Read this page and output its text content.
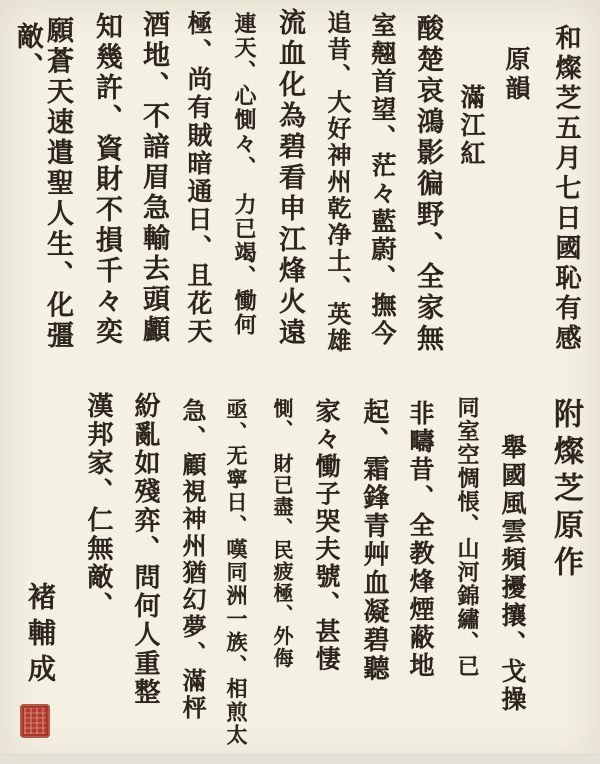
和燦芝五月七日國恥有感
原韻
滿江紅
酸楚哀鴻影徧野、全家無
室翹首望、茫々藍蔚、撫今
追昔、大好神州乾净土、英雄
流血化為碧看申江烽火遠
連天、心惻々、　力已竭、慟何
極、尚有賊暗通日、且花天
酒地、不諳眉急輸去頭顱
知幾許、資財不損千々奕
願蒼天速遣聖人生、化彊
敵、
附燦芝原作
舉國風雲頻擾攘、戈操
同室空惆悵、山河錦繡、已
非疇昔、全教烽煙蔽地
起、霜鋒青艸血凝碧聽
家々慟子哭夫號、甚悽
惻、　財已盡、民疲極、外侮
亟、无寧日、嘆同洲一族、相煎太
急、顧視神州猶幻夢、滿枰
紛亂如殘弈、問何人重整
漢邦家、仁無敵、
褚輔成
